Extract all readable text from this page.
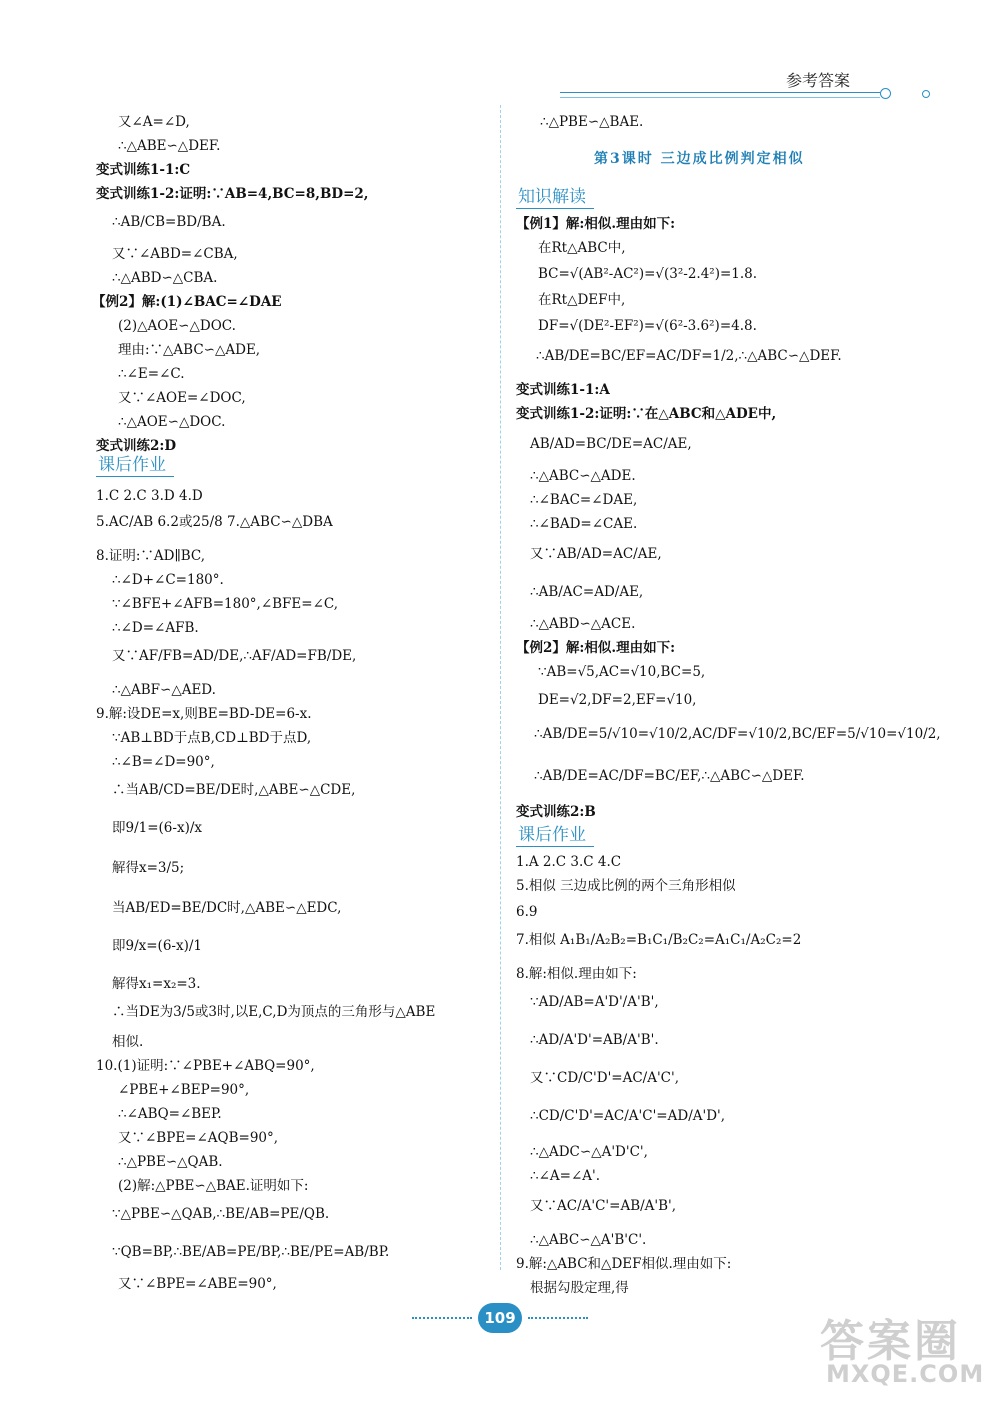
参考答案
又∠A=∠D,
∴△ABE∽△DEF.
变式训练1-1:C
变式训练1-2:证明:∵AB=4,BC=8,BD=2,
∴AB/CB=BD/BA.
又∵∠ABD=∠CBA,
∴△ABD∽△CBA.
【例2】解:(1)∠BAC=∠DAE
(2)△AOE∽△DOC.
理由:∵△ABC∽△ADE,
∴∠E=∠C.
又∵∠AOE=∠DOC,
∴△AOE∽△DOC.
变式训练2:D
1.C 2.C 3.D 4.D
5.AC/AB 6.2或25/8 7.△ABC∽△DBA
8.证明:∵AD∥BC,
∴∠D+∠C=180°.
∵∠BFE+∠AFB=180°,∠BFE=∠C,
∴∠D=∠AFB.
又∵AF/FB=AD/DE,∴AF/AD=FB/DE,
∴△ABF∽△AED.
9.解:设DE=x,则BE=BD-DE=6-x.
∵AB⊥BD于点B,CD⊥BD于点D,
∴∠B=∠D=90°,
∴当AB/CD=BE/DE时,△ABE∽△CDE,
即9/1=(6-x)/x
解得x=3/5;
当AB/ED=BE/DC时,△ABE∽△EDC,
即9/x=(6-x)/1
解得x₁=x₂=3.
∴当DE为3/5或3时,以E,C,D为顶点的三角形与△ABE
相似.
10.(1)证明:∵∠PBE+∠ABQ=90°,
∠PBE+∠BEP=90°,
∴∠ABQ=∠BEP.
又∵∠BPE=∠AQB=90°,
∴△PBE∽△QAB.
(2)解:△PBE∽△BAE.证明如下:
∵△PBE∽△QAB,∴BE/AB=PE/QB.
∵QB=BP,∴BE/AB=PE/BP,∴BE/PE=AB/BP.
又∵∠BPE=∠ABE=90°,
课后作业
∴△PBE∽△BAE.
知识解读
【例1】解:相似.理由如下:
在Rt△ABC中,
BC=√(AB²-AC²)=√(3²-2.4²)=1.8.
在Rt△DEF中,
DF=√(DE²-EF²)=√(6²-3.6²)=4.8.
∴AB/DE=BC/EF=AC/DF=1/2,∴△ABC∽△DEF.
变式训练1-1:A
变式训练1-2:证明:∵在△ABC和△ADE中,
AB/AD=BC/DE=AC/AE,
∴△ABC∽△ADE.
∴∠BAC=∠DAE,
∴∠BAD=∠CAE.
又∵AB/AD=AC/AE,
∴AB/AC=AD/AE,
∴△ABD∽△ACE.
【例2】解:相似.理由如下:
∵AB=√5,AC=√10,BC=5,
DE=√2,DF=2,EF=√10,
∴AB/DE=5/√10=√10/2,AC/DF=√10/2,BC/EF=5/√10=√10/2,
∴AB/DE=AC/DF=BC/EF,∴△ABC∽△DEF.
变式训练2:B
1.A 2.C 3.C 4.C
5.相似 三边成比例的两个三角形相似
6.9
7.相似 A₁B₁/A₂B₂=B₁C₁/B₂C₂=A₁C₁/A₂C₂=2
8.解:相似.理由如下:
∵AD/AB=A'D'/A'B',
∴AD/A'D'=AB/A'B'.
又∵CD/C'D'=AC/A'C',
∴CD/C'D'=AC/A'C'=AD/A'D',
∴△ADC∽△A'D'C',
∴∠A=∠A'.
又∵AC/A'C'=AB/A'B',
∴△ABC∽△A'B'C'.
9.解:△ABC和△DEF相似.理由如下:
根据勾股定理,得
第3课时 三边成比例判定相似
课后作业
109	答案圈
MXQE.COM
